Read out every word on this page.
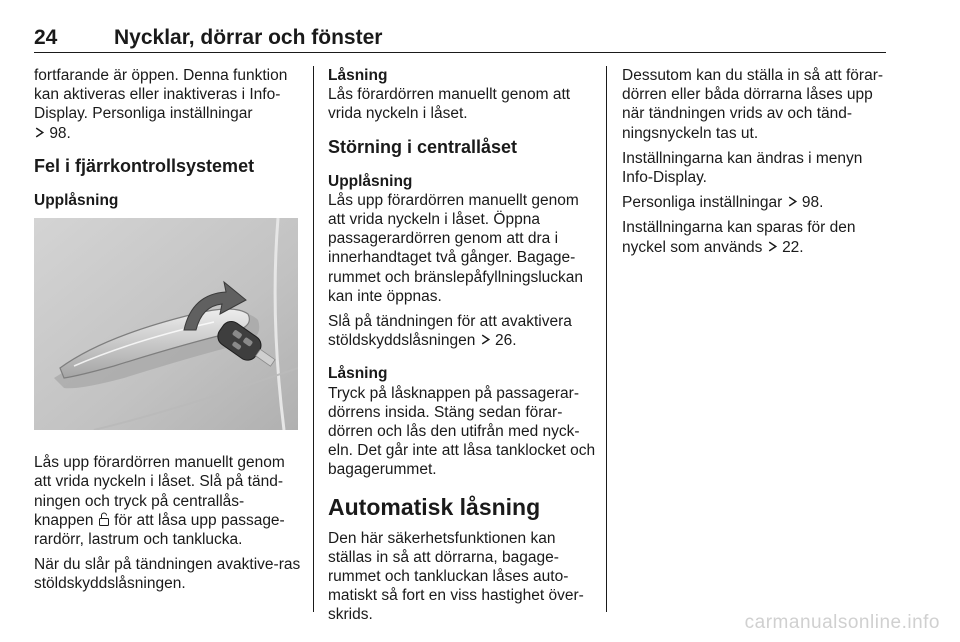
24	Nycklar, dörrar och fönster

fortfarande är öppen. Denna funktion kan aktiveras eller inaktiveras i Info-Display. Personliga inställningar
98.

Fel i fjärrkontrollsystemet

Upplåsning

Lås upp förardörren manuellt genom att vrida nyckeln i låset. Slå på tänd-ningen och tryck på centrallås-knappen för att låsa upp passage-rardörr, lastrum och tanklucka.

När du slår på tändningen avaktive-ras stöldskyddslåsningen.

Låsning

Lås förardörren manuellt genom att vrida nyckeln i låset.

Störning i centrallåset

Upplåsning

Lås upp förardörren manuellt genom att vrida nyckeln i låset. Öppna passagerardörren genom att dra i innerhandtaget två gånger. Bagage-rummet och bränslepåfyllningsluckan kan inte öppnas.

Slå på tändningen för att avaktivera stöldskyddslåsningen 26.

Låsning

Tryck på låsknappen på passagerar-dörrens insida. Stäng sedan förar-dörren och lås den utifrån med nyck-eln. Det går inte att låsa tanklocket och bagagerummet.

Automatisk låsning

Den här säkerhetsfunktionen kan ställas in så att dörrarna, bagage-rummet och tankluckan låses auto-matiskt så fort en viss hastighet över-skrids.

Dessutom kan du ställa in så att förar-dörren eller båda dörrarna låses upp när tändningen vrids av och tänd-ningsnyckeln tas ut.

Inställningarna kan ändras i menyn Info-Display.

Personliga inställningar 98.

Inställningarna kan sparas för den nyckel som används 22.

carmanualsonline.info
